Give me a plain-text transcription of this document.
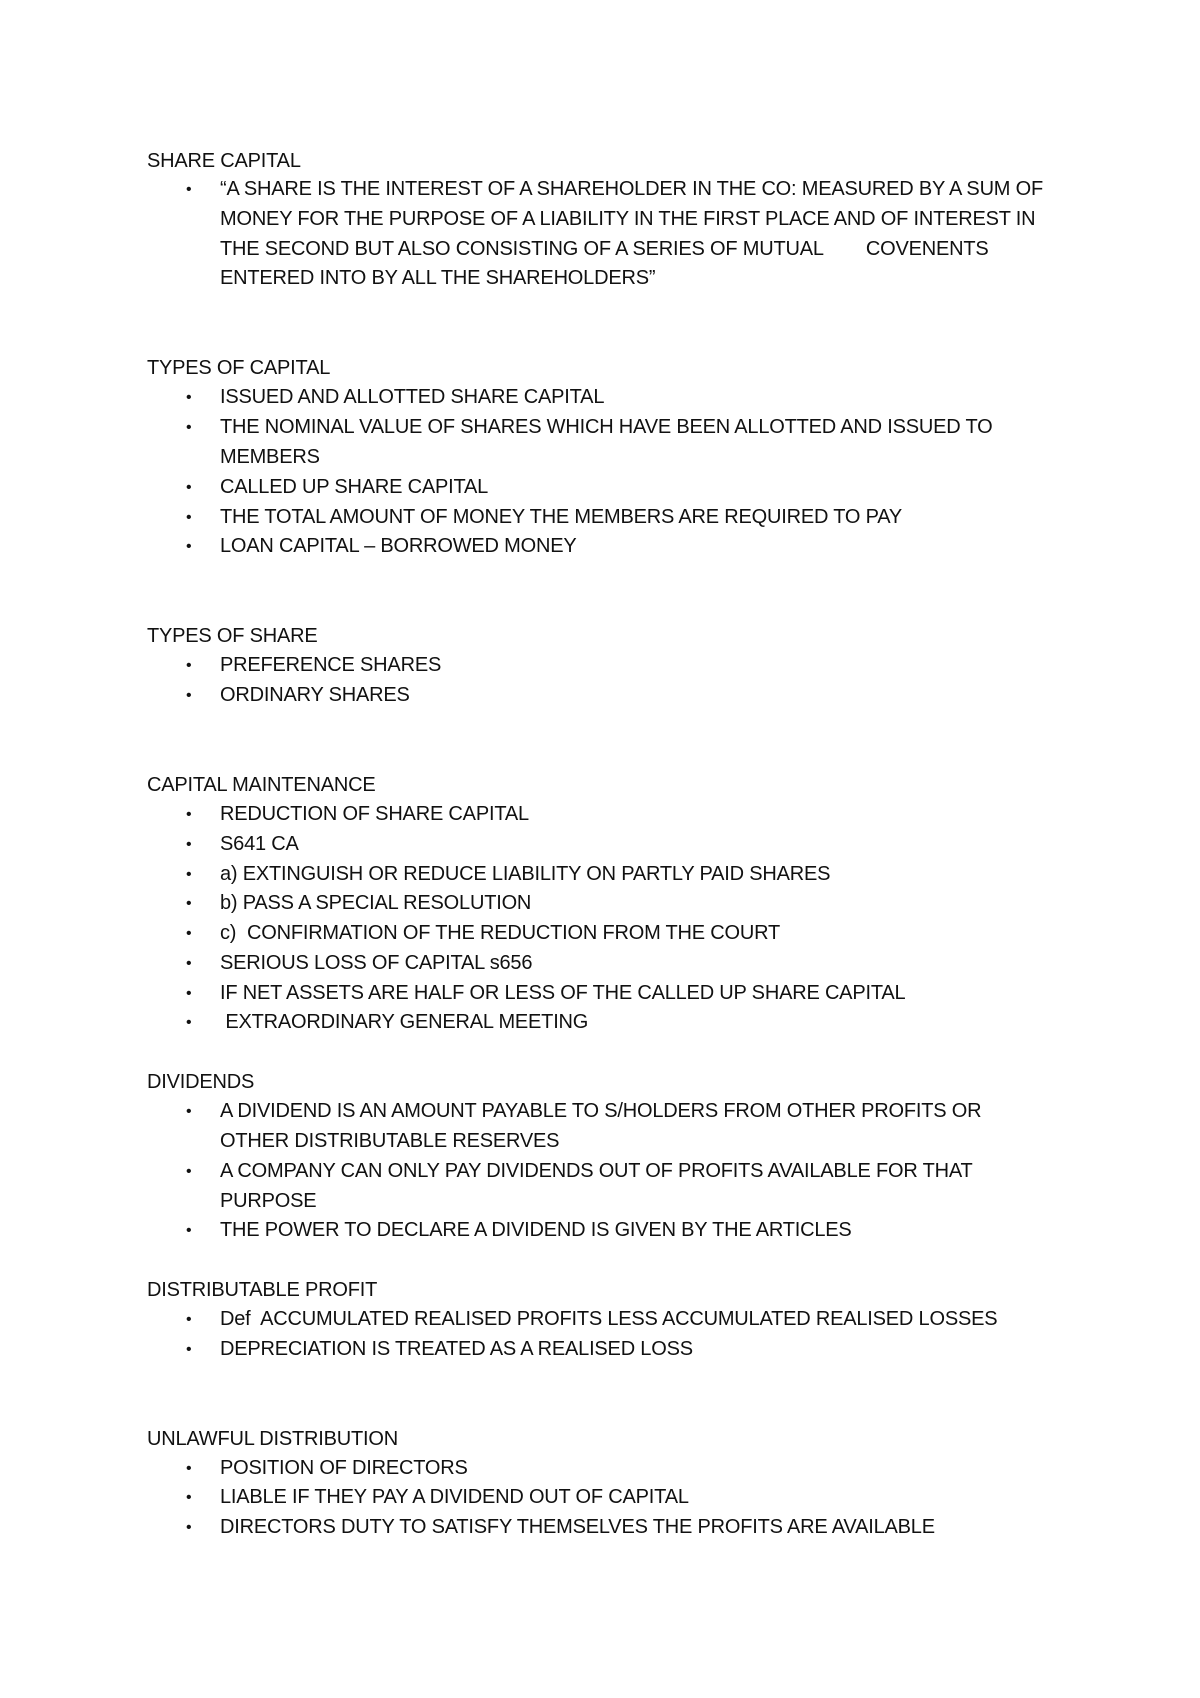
SHARE CAPITAL
• “A SHARE IS THE INTEREST OF A SHAREHOLDER IN THE CO: MEASURED BY A SUM OF MONEY FOR THE PURPOSE OF A LIABILITY IN THE FIRST PLACE AND OF INTEREST IN THE SECOND BUT ALSO CONSISTING OF A SERIES OF MUTUAL        COVENENTS ENTERED INTO BY ALL THE SHAREHOLDERS”
TYPES OF CAPITAL
• ISSUED AND ALLOTTED SHARE CAPITAL
• THE NOMINAL VALUE OF SHARES WHICH HAVE BEEN ALLOTTED AND ISSUED TO MEMBERS
• CALLED UP SHARE CAPITAL
• THE TOTAL AMOUNT OF MONEY THE MEMBERS ARE REQUIRED TO PAY
• LOAN CAPITAL – BORROWED MONEY
TYPES OF SHARE
• PREFERENCE SHARES
• ORDINARY SHARES
CAPITAL MAINTENANCE
• REDUCTION OF SHARE CAPITAL
• S641 CA
• a) EXTINGUISH OR REDUCE LIABILITY ON PARTLY PAID SHARES
• b) PASS A SPECIAL RESOLUTION
• c)  CONFIRMATION OF THE REDUCTION FROM THE COURT
• SERIOUS LOSS OF CAPITAL s656
• IF NET ASSETS ARE HALF OR LESS OF THE CALLED UP SHARE CAPITAL
•  EXTRAORDINARY GENERAL MEETING
DIVIDENDS
• A DIVIDEND IS AN AMOUNT PAYABLE TO S/HOLDERS FROM OTHER PROFITS OR OTHER DISTRIBUTABLE RESERVES
• A COMPANY CAN ONLY PAY DIVIDENDS OUT OF PROFITS AVAILABLE FOR THAT PURPOSE
• THE POWER TO DECLARE A DIVIDEND IS GIVEN BY THE ARTICLES
DISTRIBUTABLE PROFIT
• Def  ACCUMULATED REALISED PROFITS LESS ACCUMULATED REALISED LOSSES
• DEPRECIATION IS TREATED AS A REALISED LOSS
UNLAWFUL DISTRIBUTION
• POSITION OF DIRECTORS
• LIABLE IF THEY PAY A DIVIDEND OUT OF CAPITAL
• DIRECTORS DUTY TO SATISFY THEMSELVES THE PROFITS ARE AVAILABLE
